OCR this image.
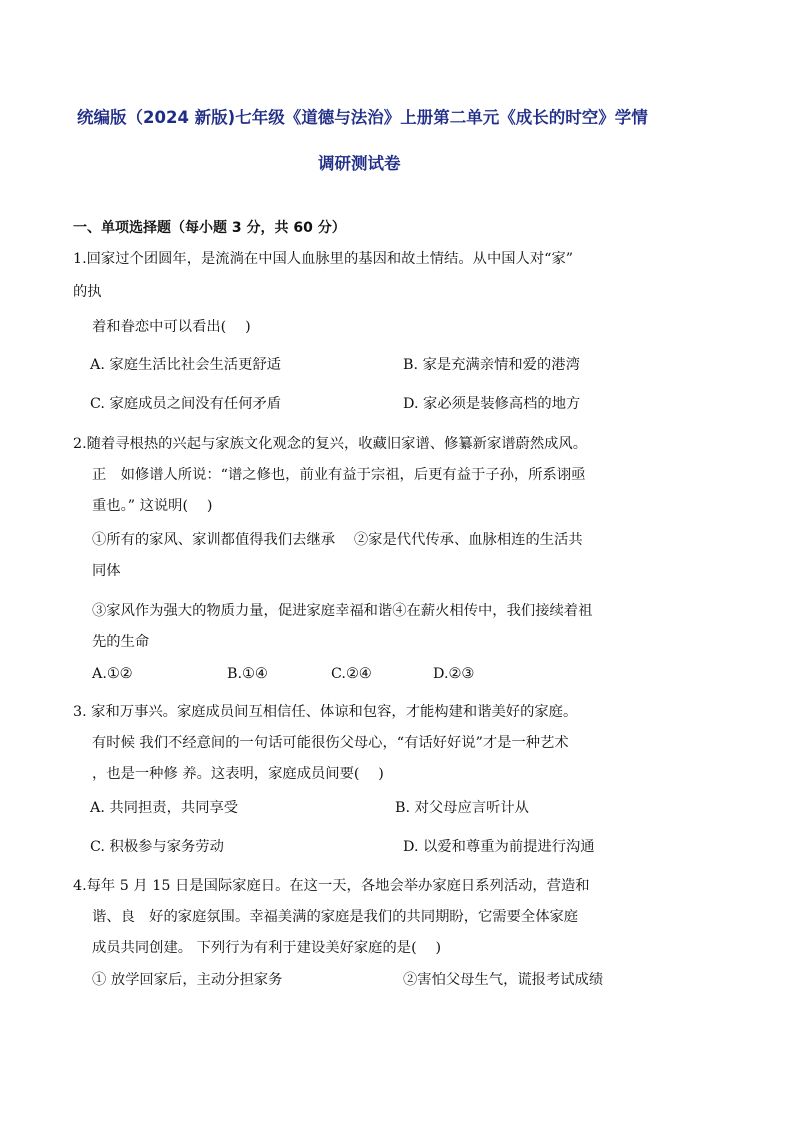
统编版（2024 新版)七年级《道德与法治》上册第二单元《成长的时空》学情
调研测试卷
一、单项选择题（每小题 3 分，共 60 分）
1.回家过个团圆年，是流淌在中国人血脉里的基因和故土情结。从中国人对“家”
的执
着和眷恋中可以看出(　 )
A. 家庭生活比社会生活更舒适	B. 家是充满亲情和爱的港湾
C. 家庭成员之间没有任何矛盾	D. 家必须是装修高档的地方
2.随着寻根热的兴起与家族文化观念的复兴，收藏旧家谱、修纂新家谱蔚然成风。
正　如修谱人所说：“谱之修也，前业有益于宗祖，后更有益于子孙，所系诩亟
重也。” 这说明(　 )
①所有的家风、家训都值得我们去继承　 ②家是代代传承、血脉相连的生活共
同体
③家风作为强大的物质力量，促进家庭幸福和谐④在薪火相传中，我们接续着祖
先的生命
A.①②	B.①④	C.②④	D.②③
3. 家和万事兴。家庭成员间互相信任、体谅和包容，才能构建和谐美好的家庭。
有时候 我们不经意间的一句话可能很伤父母心，“有话好好说”才是一种艺术
，也是一种修 养。这表明，家庭成员间要(　 )
A. 共同担责，共同享受	B. 对父母应言听计从
C. 积极参与家务劳动	D. 以爱和尊重为前提进行沟通
4.每年 5 月 15 日是国际家庭日。在这一天，各地会举办家庭日系列活动，营造和
谐、良　好的家庭氛围。幸福美满的家庭是我们的共同期盼，它需要全体家庭
成员共同创建。 下列行为有利于建设美好家庭的是(　 )
① 放学回家后，主动分担家务	②害怕父母生气，谎报考试成绩
